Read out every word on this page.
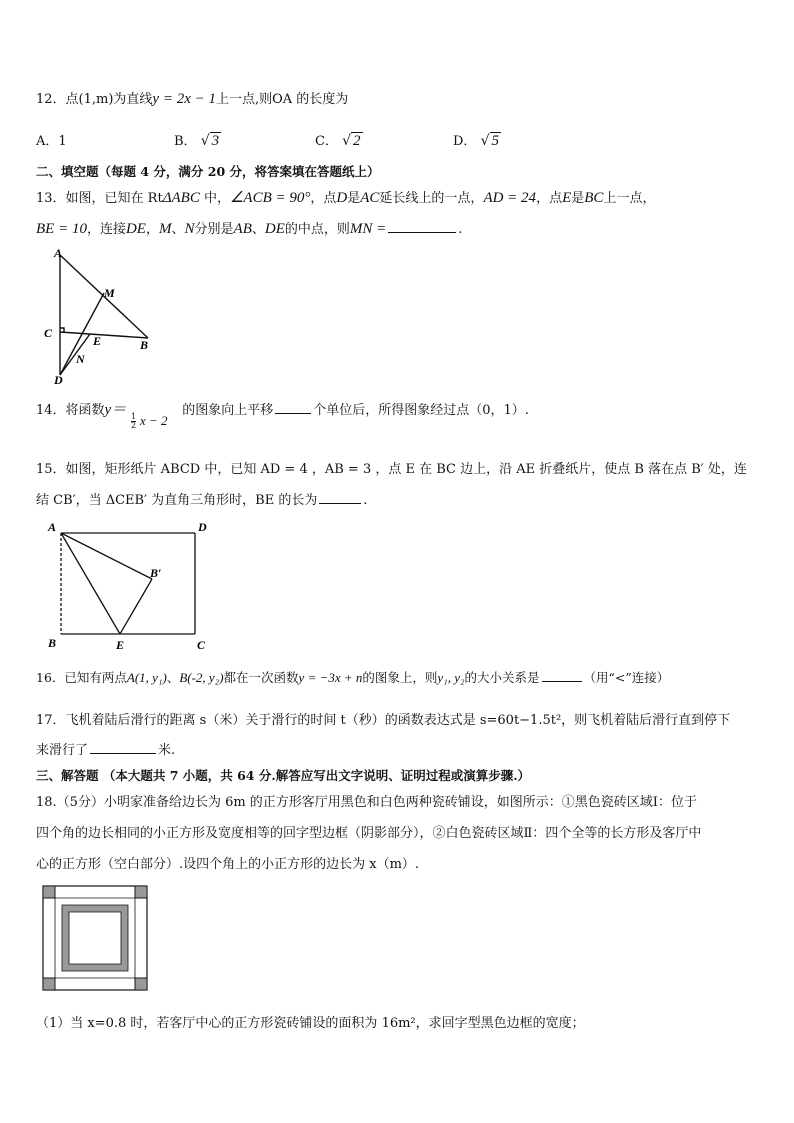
12．点(1,m)为直线y = 2x − 1上一点,则OA 的长度为
A．1	B． √ 3	C． √ 2	D． √ 5
二、填空题（每题 4 分，满分 20 分，将答案填在答题纸上）
13．如图，已知在 RtΔABC 中，∠ACB = 90°，点D是AC延长线上的一点，AD = 24，点E是BC上一点，
BE = 10，连接DE，M、N分别是AB、DE的中点，则MN =	.
A
M
C
E	B
N
D
14．将函数y＝	的图象向上平移	个单位后，所得图象经过点（0，1）.
$\frac{1}{2}$ x − 2
15．如图，矩形纸片 ABCD 中，已知 AD = 4 ，AB = 3 ，点 E 在 BC 边上，沿 AE 折叠纸片，使点 B 落在点 B′ 处，连
结 CB′，当 ΔCEB′ 为直角三角形时，BE 的长为	.
A	D
B′
B	E	C
16．已知有两点A(1, y₁)、B(-2, y₂)都在一次函数y = −3x + n的图象上，则y₁, y₂的大小关系是	（用“<”连接）
17．飞机着陆后滑行的距离 s（米）关于滑行的时间 t（秒）的函数表达式是 s=60t−1.5t²，则飞机着陆后滑行直到停下
来滑行了	米.
三、解答题 （本大题共 7 小题，共 64 分.解答应写出文字说明、证明过程或演算步骤.）
18.（5分）小明家准备给边长为 6m 的正方形客厅用黑色和白色两种瓷砖铺设，如图所示：①黑色瓷砖区域Ⅰ：位于
四个角的边长相同的小正方形及宽度相等的回字型边框（阴影部分），②白色瓷砖区域Ⅱ：四个全等的长方形及客厅中
心的正方形（空白部分）.设四个角上的小正方形的边长为 x（m）.
（1）当 x=0.8 时，若客厅中心的正方形瓷砖铺设的面积为 16m²，求回字型黑色边框的宽度；
